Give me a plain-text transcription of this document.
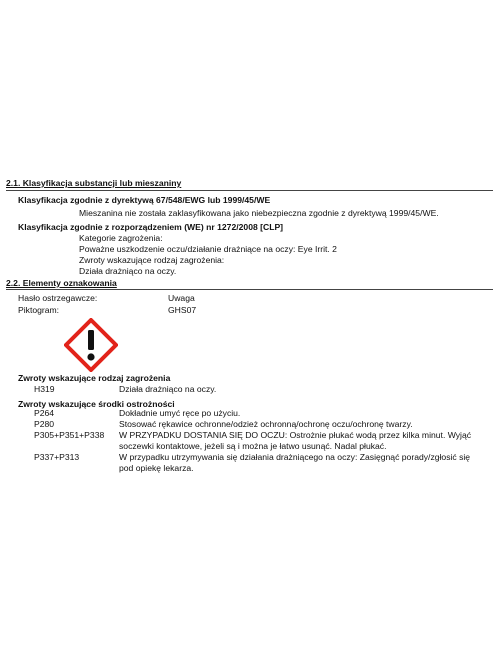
2.1. Klasyfikacja substancji lub mieszaniny
Klasyfikacja zgodnie z dyrektywą 67/548/EWG lub 1999/45/WE
Mieszanina nie została zaklasyfikowana jako niebezpieczna zgodnie z dyrektywą 1999/45/WE.
Klasyfikacja zgodnie z rozporządzeniem (WE) nr 1272/2008 [CLP]
Kategorie zagrożenia:
Poważne uszkodzenie oczu/działanie drażniące na oczy: Eye Irrit. 2
Zwroty wskazujące rodzaj zagrożenia:
Działa drażniąco na oczy.
2.2. Elementy oznakowania
Hasło ostrzegawcze:	Uwaga
Piktogram:	GHS07
Zwroty wskazujące rodzaj zagrożenia
H319	Działa drażniąco na oczy.
Zwroty wskazujące środki ostrożności
P264	Dokładnie umyć ręce po użyciu.
P280	Stosować rękawice ochronne/odzież ochronną/ochronę oczu/ochronę twarzy.
P305+P351+P338 W PRZYPADKU DOSTANIA SIĘ DO OCZU: Ostrożnie płukać wodą przez kilka minut. Wyjąć soczewki kontaktowe, jeżeli są i można je łatwo usunąć. Nadal płukać.
P337+P313	W przypadku utrzymywania się działania drażniącego na oczy: Zasięgnąć porady/zgłosić się pod opiekę lekarza.
